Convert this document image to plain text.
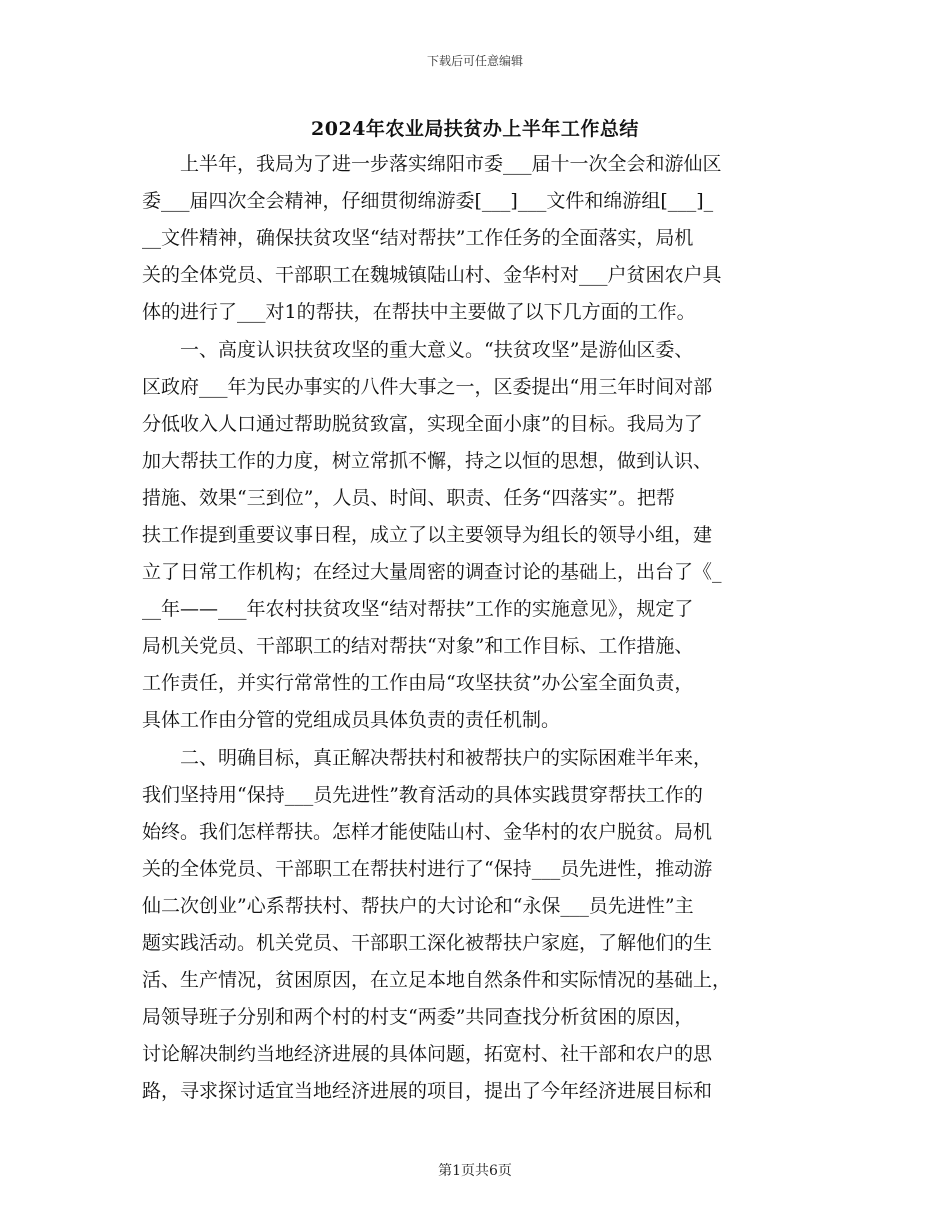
下载后可任意编辑
2024年农业局扶贫办上半年工作总结
上半年，我局为了进一步落实绵阳市委___届十一次全会和游仙区
委___届四次全会精神，仔细贯彻绵游委[___]___文件和绵游组[___]_
__文件精神，确保扶贫攻坚“结对帮扶”工作任务的全面落实，局机
关的全体党员、干部职工在魏城镇陆山村、金华村对___户贫困农户具
体的进行了___对1的帮扶，在帮扶中主要做了以下几方面的工作。
一、高度认识扶贫攻坚的重大意义。“扶贫攻坚”是游仙区委、
区政府___年为民办事实的八件大事之一，区委提出“用三年时间对部
分低收入人口通过帮助脱贫致富，实现全面小康”的目标。我局为了
加大帮扶工作的力度，树立常抓不懈，持之以恒的思想，做到认识、
措施、效果“三到位”，人员、时间、职责、任务“四落实”。把帮
扶工作提到重要议事日程，成立了以主要领导为组长的领导小组，建
立了日常工作机构；在经过大量周密的调查讨论的基础上，出台了《_
__年——___年农村扶贫攻坚“结对帮扶”工作的实施意见》，规定了
局机关党员、干部职工的结对帮扶“对象”和工作目标、工作措施、
工作责任，并实行常常性的工作由局“攻坚扶贫”办公室全面负责，
具体工作由分管的党组成员具体负责的责任机制。
二、明确目标，真正解决帮扶村和被帮扶户的实际困难半年来，
我们坚持用“保持___员先进性”教育活动的具体实践贯穿帮扶工作的
始终。我们怎样帮扶。怎样才能使陆山村、金华村的农户脱贫。局机
关的全体党员、干部职工在帮扶村进行了“保持___员先进性，推动游
仙二次创业”心系帮扶村、帮扶户的大讨论和“永保___员先进性”主
题实践活动。机关党员、干部职工深化被帮扶户家庭，了解他们的生
活、生产情况，贫困原因，在立足本地自然条件和实际情况的基础上，
局领导班子分别和两个村的村支“两委”共同查找分析贫困的原因，
讨论解决制约当地经济进展的具体问题，拓宽村、社干部和农户的思
路，寻求探讨适宜当地经济进展的项目，提出了今年经济进展目标和
第1页共6页
